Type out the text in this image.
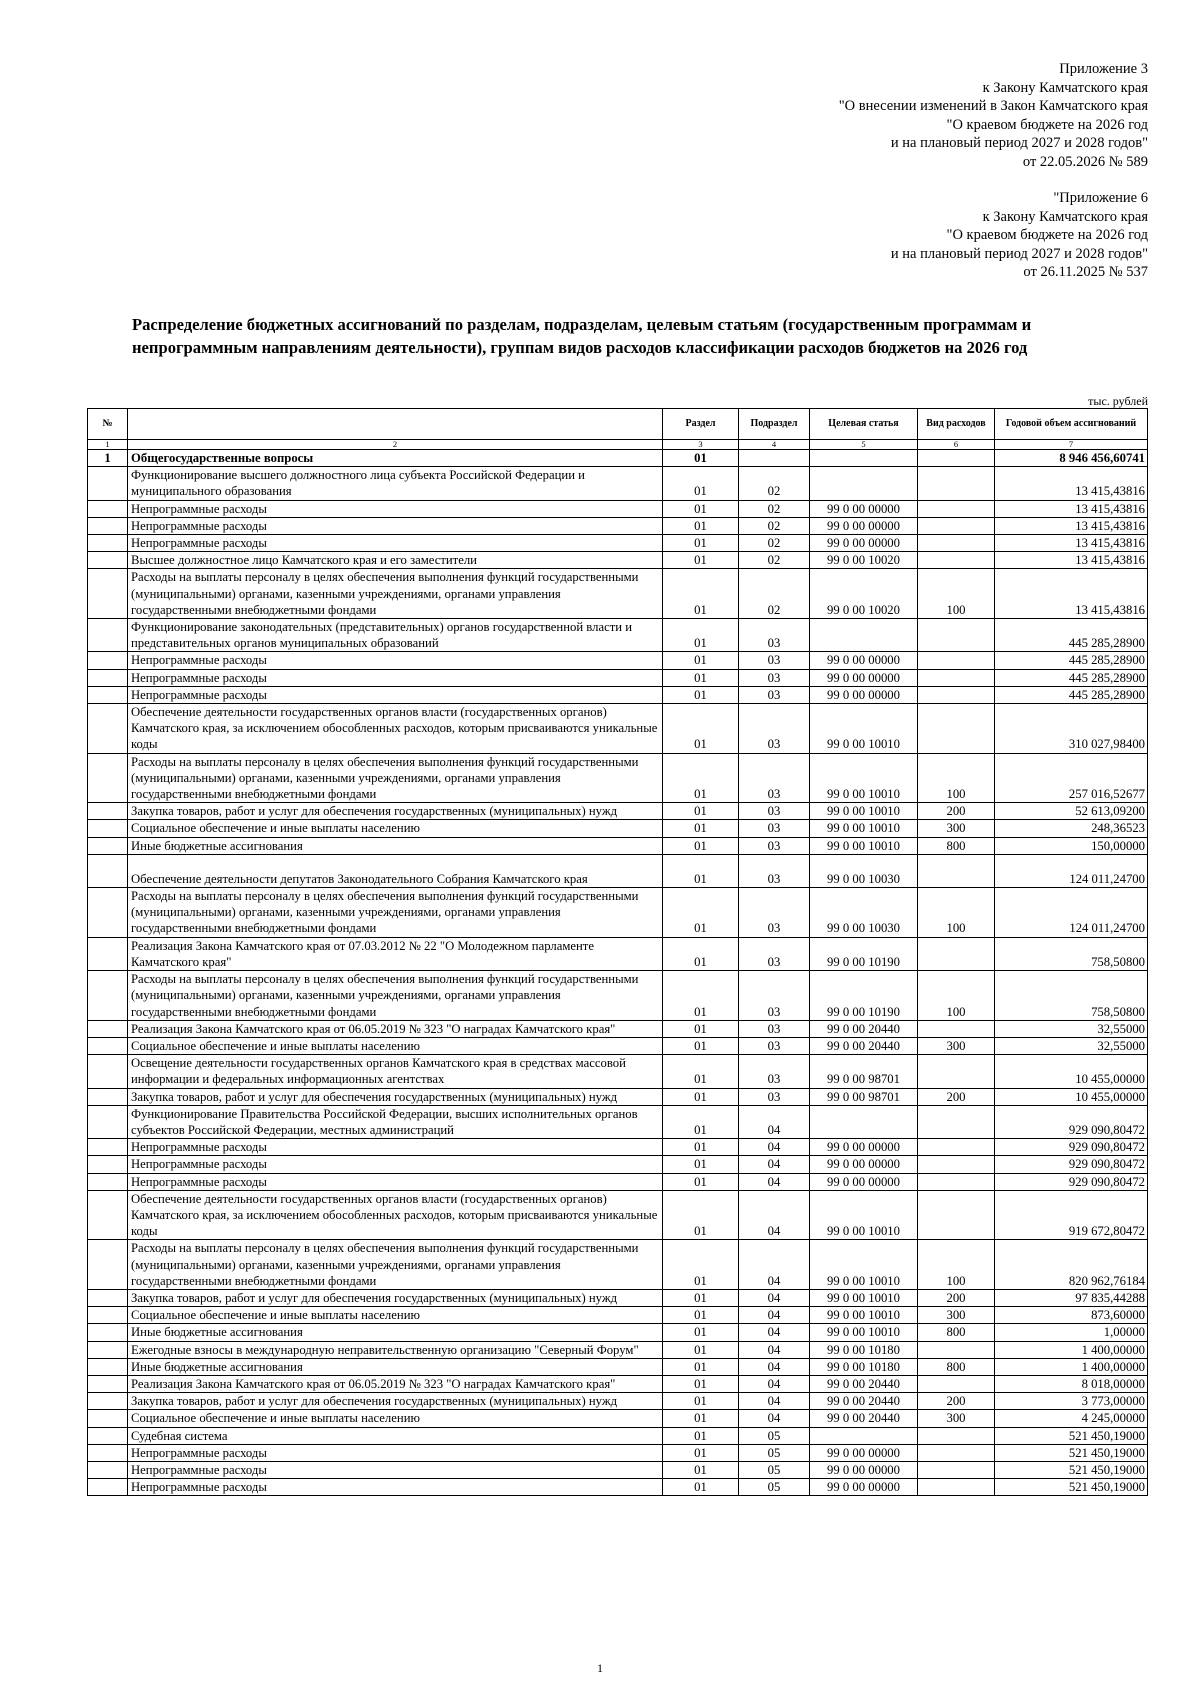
Приложение 3
к Закону Камчатского края
"О внесении изменений в Закон Камчатского края
"О краевом бюджете на 2026 год
и на плановый период 2027 и 2028 годов"
от 22.05.2026 № 589
"Приложение 6
к Закону Камчатского края
"О краевом бюджете на 2026 год
и на плановый период 2027 и 2028 годов"
от 26.11.2025 № 537
Распределение бюджетных ассигнований по разделам, подразделам, целевым статьям (государственным программам и непрограммным направлениям деятельности), группам видов расходов классификации расходов бюджетов на 2026 год
тыс. рублей
№		Раздел	Подраздел	Целевая статья	Вид расходов	Годовой объем ассигнований
1	2	3	4	5	6	7
1	Общегосударственные вопросы	01				8 946 456,60741
	Функционирование высшего должностного лица субъекта Российской Федерации и муниципального образования	01	02			13 415,43816
	Непрограммные расходы	01	02	99 0 00 00000		13 415,43816
	Непрограммные расходы	01	02	99 0 00 00000		13 415,43816
	Непрограммные расходы	01	02	99 0 00 00000		13 415,43816
	Высшее должностное лицо Камчатского края и его заместители	01	02	99 0 00 10020		13 415,43816
	Расходы на выплаты персоналу в целях обеспечения выполнения функций государственными (муниципальными) органами, казенными учреждениями, органами управления государственными внебюджетными фондами	01	02	99 0 00 10020	100	13 415,43816
	Функционирование законодательных (представительных) органов государственной власти и представительных органов муниципальных образований	01	03			445 285,28900
	Непрограммные расходы	01	03	99 0 00 00000		445 285,28900
	Непрограммные расходы	01	03	99 0 00 00000		445 285,28900
	Непрограммные расходы	01	03	99 0 00 00000		445 285,28900
	Обеспечение деятельности государственных органов власти (государственных органов) Камчатского края, за исключением обособленных расходов, которым присваиваются уникальные коды	01	03	99 0 00 10010		310 027,98400
	Расходы на выплаты персоналу в целях обеспечения выполнения функций государственными (муниципальными) органами, казенными учреждениями, органами управления государственными внебюджетными фондами	01	03	99 0 00 10010	100	257 016,52677
	Закупка товаров, работ и услуг для обеспечения государственных (муниципальных) нужд	01	03	99 0 00 10010	200	52 613,09200
	Социальное обеспечение и иные выплаты населению	01	03	99 0 00 10010	300	248,36523
	Иные бюджетные ассигнования	01	03	99 0 00 10010	800	150,00000
	Обеспечение деятельности депутатов Законодательного Собрания Камчатского края	01	03	99 0 00 10030		124 011,24700
	Расходы на выплаты персоналу в целях обеспечения выполнения функций государственными (муниципальными) органами, казенными учреждениями, органами управления государственными внебюджетными фондами	01	03	99 0 00 10030	100	124 011,24700
	Реализация Закона Камчатского края от 07.03.2012 № 22 "О Молодежном парламенте Камчатского края"	01	03	99 0 00 10190		758,50800
	Расходы на выплаты персоналу в целях обеспечения выполнения функций государственными (муниципальными) органами, казенными учреждениями, органами управления государственными внебюджетными фондами	01	03	99 0 00 10190	100	758,50800
	Реализация Закона Камчатского края от 06.05.2019 № 323 "О наградах Камчатского края"	01	03	99 0 00 20440		32,55000
	Социальное обеспечение и иные выплаты населению	01	03	99 0 00 20440	300	32,55000
	Освещение деятельности государственных органов Камчатского края в средствах массовой информации и федеральных информационных агентствах	01	03	99 0 00 98701		10 455,00000
	Закупка товаров, работ и услуг для обеспечения государственных (муниципальных) нужд	01	03	99 0 00 98701	200	10 455,00000
	Функционирование Правительства Российской Федерации, высших исполнительных органов субъектов Российской Федерации, местных администраций	01	04			929 090,80472
	Непрограммные расходы	01	04	99 0 00 00000		929 090,80472
	Непрограммные расходы	01	04	99 0 00 00000		929 090,80472
	Непрограммные расходы	01	04	99 0 00 00000		929 090,80472
	Обеспечение деятельности государственных органов власти (государственных органов) Камчатского края, за исключением обособленных расходов, которым присваиваются уникальные коды	01	04	99 0 00 10010		919 672,80472
	Расходы на выплаты персоналу в целях обеспечения выполнения функций государственными (муниципальными) органами, казенными учреждениями, органами управления государственными внебюджетными фондами	01	04	99 0 00 10010	100	820 962,76184
	Закупка товаров, работ и услуг для обеспечения государственных (муниципальных) нужд	01	04	99 0 00 10010	200	97 835,44288
	Социальное обеспечение и иные выплаты населению	01	04	99 0 00 10010	300	873,60000
	Иные бюджетные ассигнования	01	04	99 0 00 10010	800	1,00000
	Ежегодные взносы в международную неправительственную организацию "Северный Форум"	01	04	99 0 00 10180		1 400,00000
	Иные бюджетные ассигнования	01	04	99 0 00 10180	800	1 400,00000
	Реализация Закона Камчатского края от 06.05.2019 № 323 "О наградах Камчатского края"	01	04	99 0 00 20440		8 018,00000
	Закупка товаров, работ и услуг для обеспечения государственных (муниципальных) нужд	01	04	99 0 00 20440	200	3 773,00000
	Социальное обеспечение и иные выплаты населению	01	04	99 0 00 20440	300	4 245,00000
	Судебная система	01	05			521 450,19000
	Непрограммные расходы	01	05	99 0 00 00000		521 450,19000
	Непрограммные расходы	01	05	99 0 00 00000		521 450,19000
	Непрограммные расходы	01	05	99 0 00 00000		521 450,19000
1
